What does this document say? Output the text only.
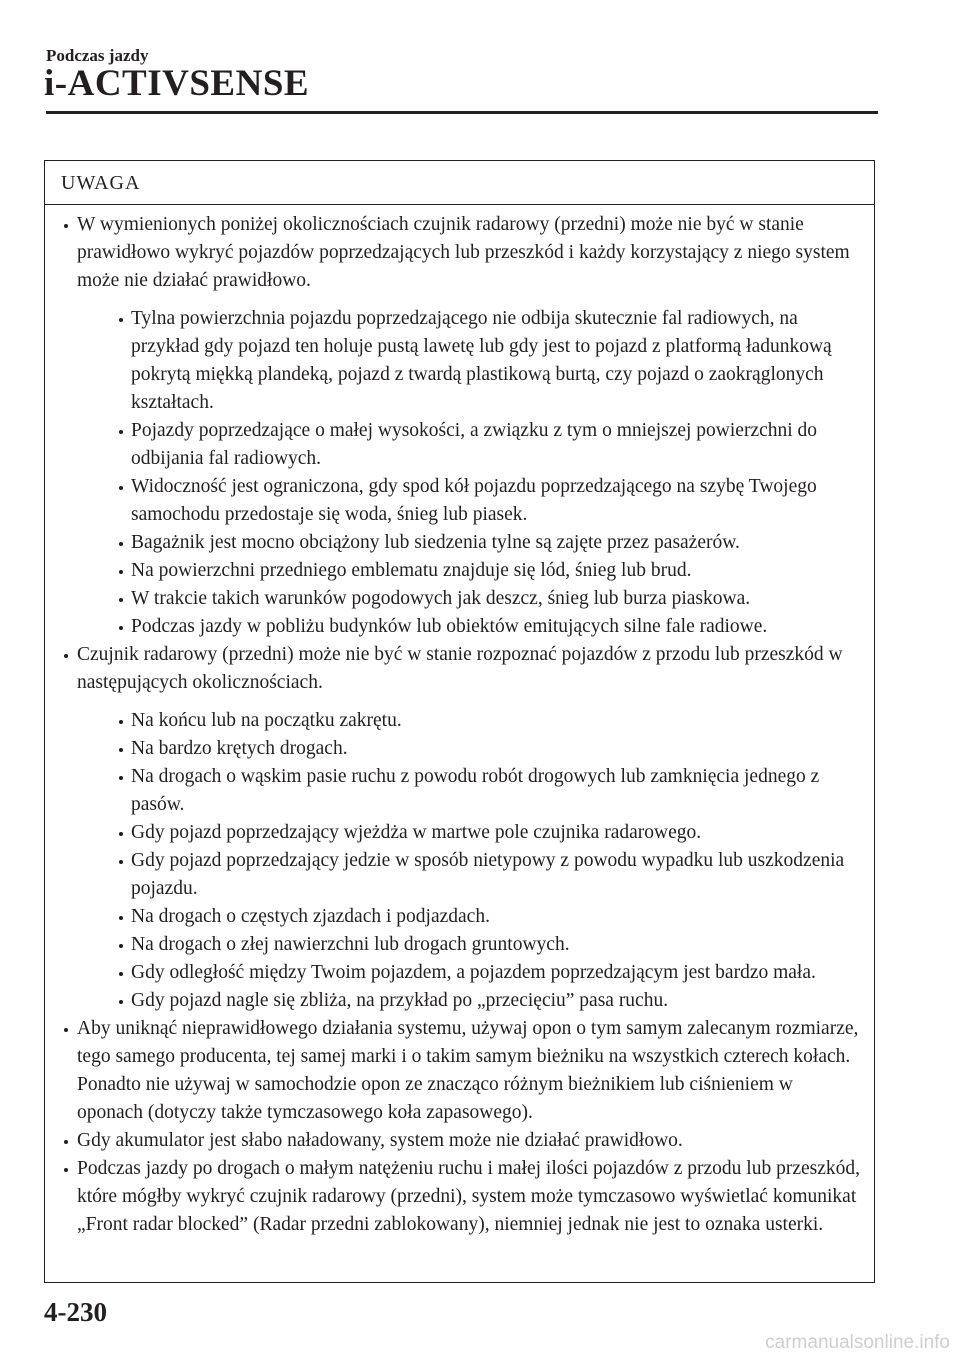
Podczas jazdy
i-ACTIVSENSE
UWAGA
W wymienionych poniżej okolicznościach czujnik radarowy (przedni) może nie być w stanie prawidłowo wykryć pojazdów poprzedzających lub przeszkód i każdy korzystający z niego system może nie działać prawidłowo.
Tylna powierzchnia pojazdu poprzedzającego nie odbija skutecznie fal radiowych, na przykład gdy pojazd ten holuje pustą lawetę lub gdy jest to pojazd z platformą ładunkową pokrytą miękką plandeką, pojazd z twardą plastikową burtą, czy pojazd o zaokrąglonych kształtach.
Pojazdy poprzedzające o małej wysokości, a związku z tym o mniejszej powierzchni do odbijania fal radiowych.
Widoczność jest ograniczona, gdy spod kół pojazdu poprzedzającego na szybę Twojego samochodu przedostaje się woda, śnieg lub piasek.
Bagażnik jest mocno obciążony lub siedzenia tylne są zajęte przez pasażerów.
Na powierzchni przedniego emblematu znajduje się lód, śnieg lub brud.
W trakcie takich warunków pogodowych jak deszcz, śnieg lub burza piaskowa.
Podczas jazdy w pobliżu budynków lub obiektów emitujących silne fale radiowe.
Czujnik radarowy (przedni) może nie być w stanie rozpoznać pojazdów z przodu lub przeszkód w następujących okolicznościach.
Na końcu lub na początku zakrętu.
Na bardzo krętych drogach.
Na drogach o wąskim pasie ruchu z powodu robót drogowych lub zamknięcia jednego z pasów.
Gdy pojazd poprzedzający wjeżdża w martwe pole czujnika radarowego.
Gdy pojazd poprzedzający jedzie w sposób nietypowy z powodu wypadku lub uszkodzenia pojazdu.
Na drogach o częstych zjazdach i podjazdach.
Na drogach o złej nawierzchni lub drogach gruntowych.
Gdy odległość między Twoim pojazdem, a pojazdem poprzedzającym jest bardzo mała.
Gdy pojazd nagle się zbliża, na przykład po „przecięciu” pasa ruchu.
Aby uniknąć nieprawidłowego działania systemu, używaj opon o tym samym zalecanym rozmiarze, tego samego producenta, tej samej marki i o takim samym bieżniku na wszystkich czterech kołach. Ponadto nie używaj w samochodzie opon ze znacząco różnym bieżnikiem lub ciśnieniem w oponach (dotyczy także tymczasowego koła zapasowego).
Gdy akumulator jest słabo naładowany, system może nie działać prawidłowo.
Podczas jazdy po drogach o małym natężeniu ruchu i małej ilości pojazdów z przodu lub przeszkód, które mógłby wykryć czujnik radarowy (przedni), system może tymczasowo wyświetlać komunikat „Front radar blocked” (Radar przedni zablokowany), niemniej jednak nie jest to oznaka usterki.
4-230
carmanualsonline.info
